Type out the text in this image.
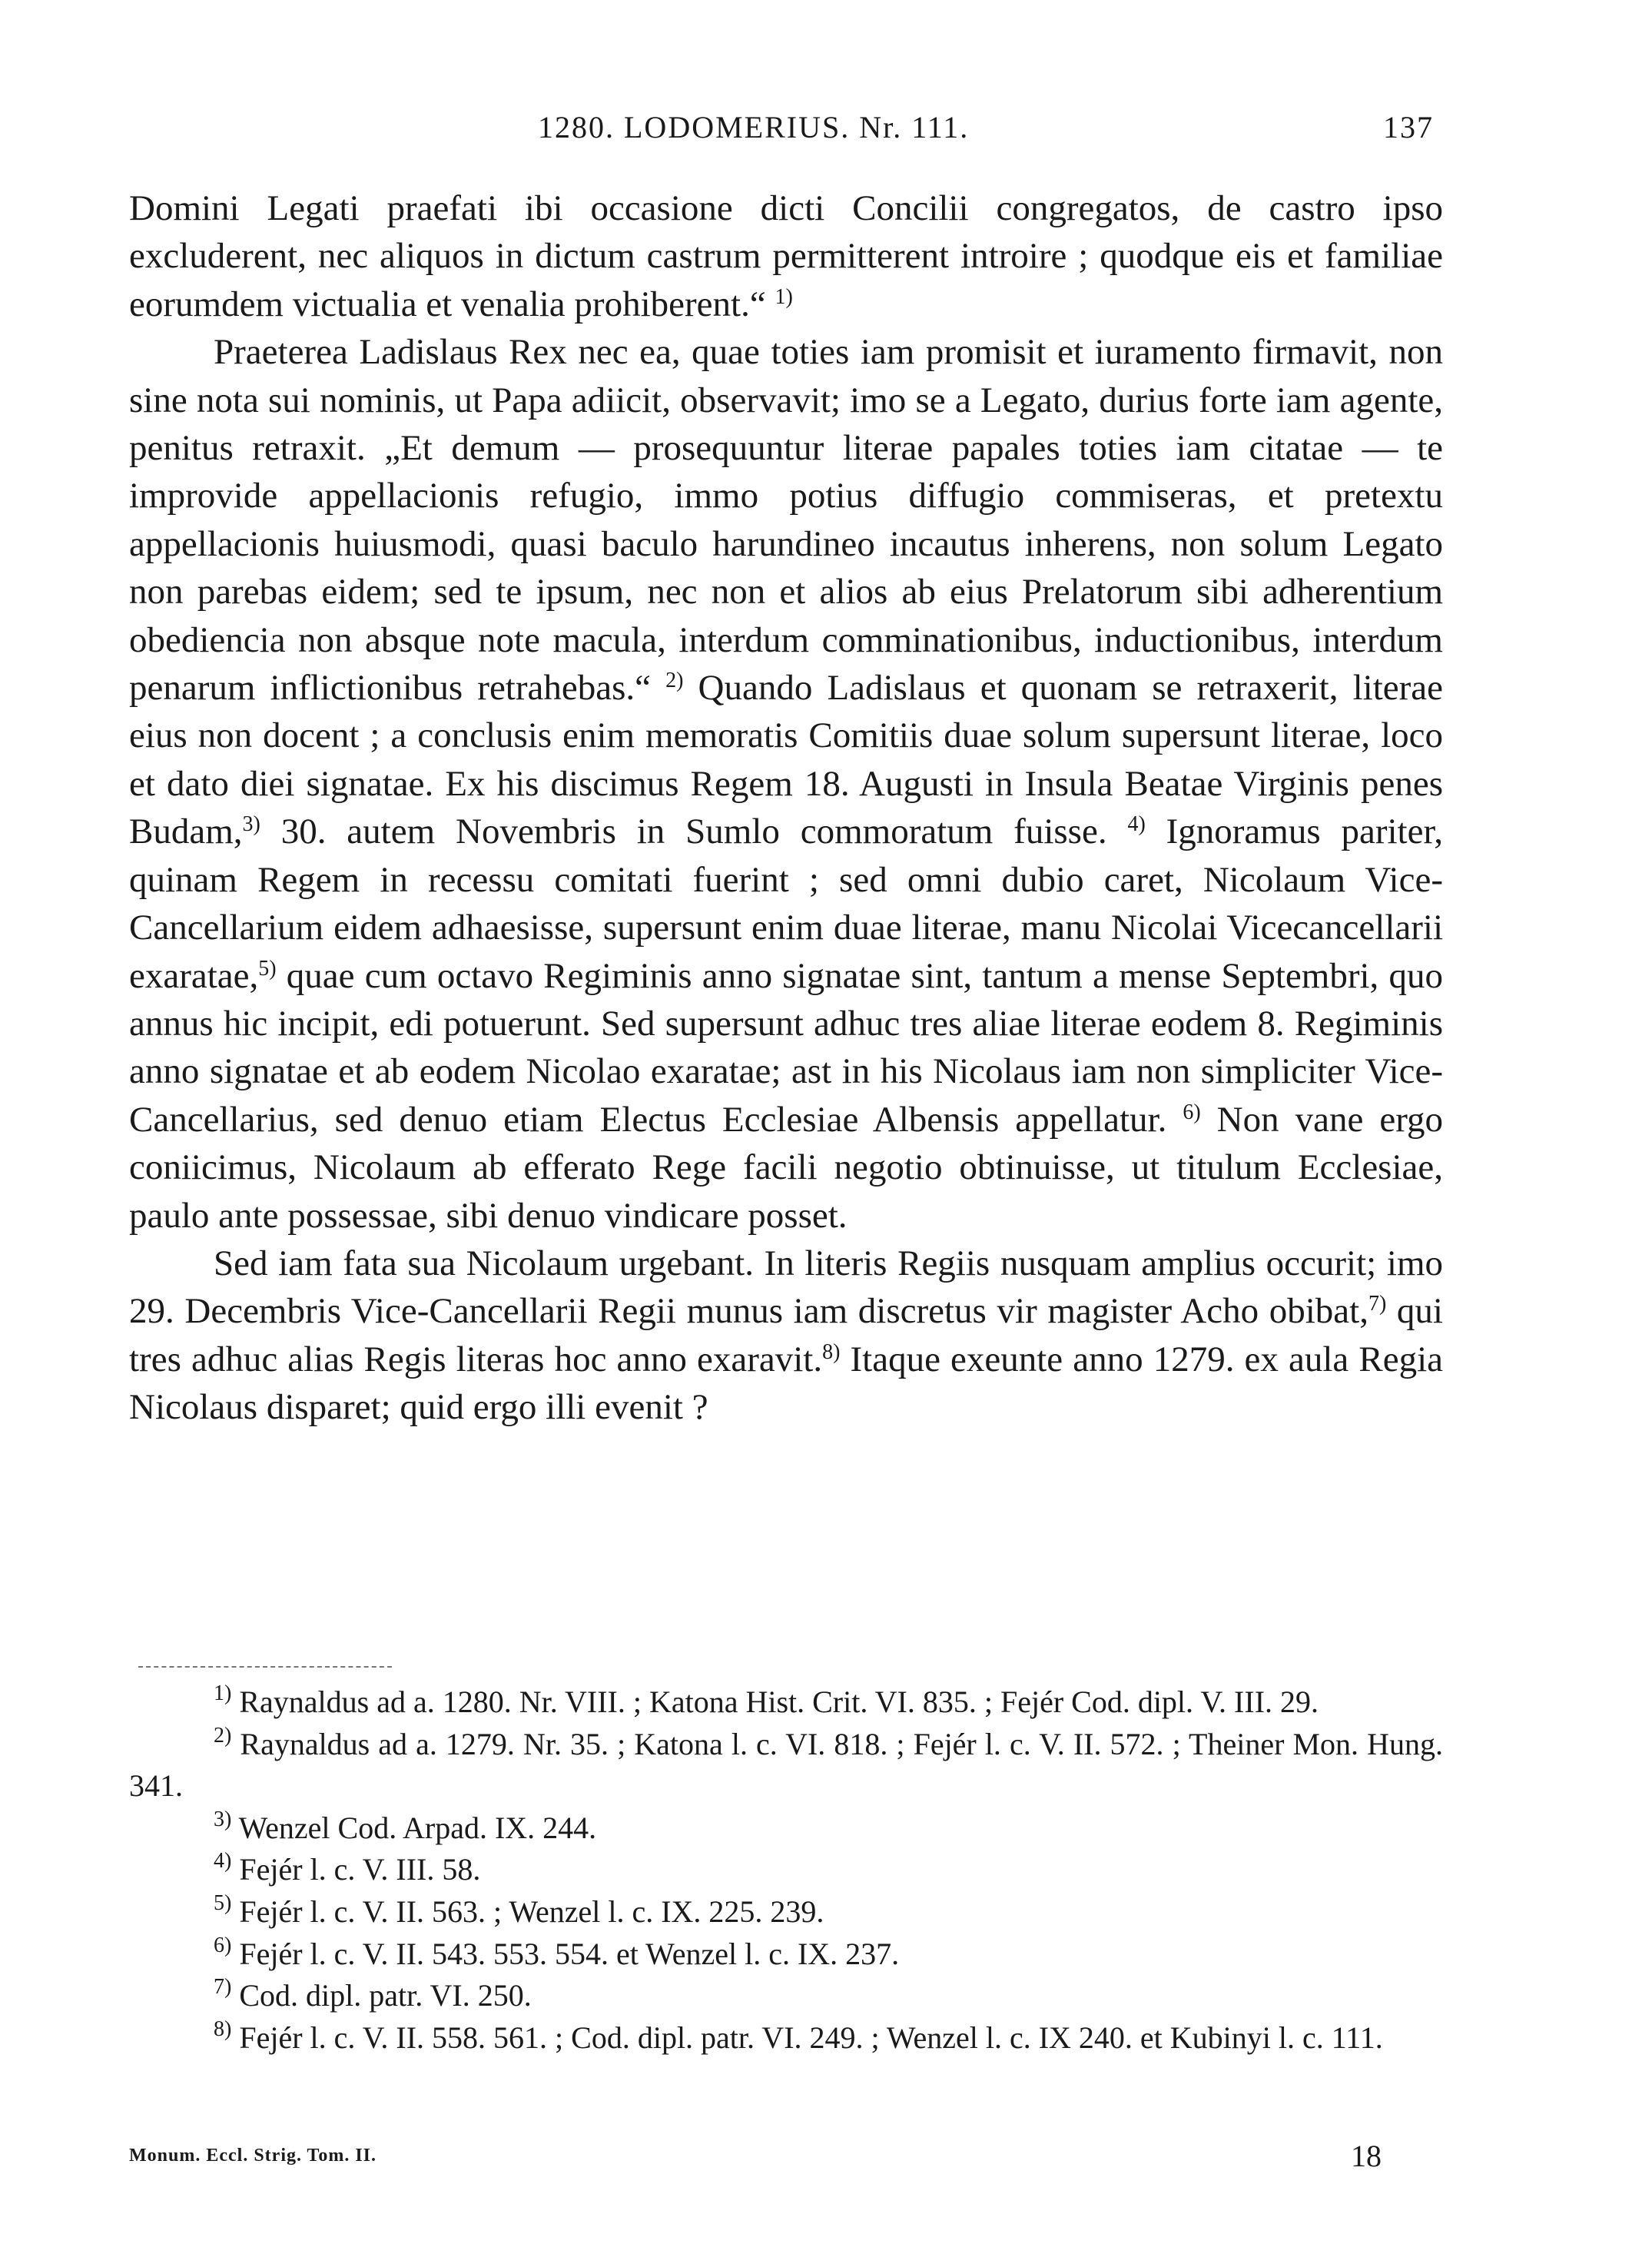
1280. LODOMERIUS. Nr. 111.	137

Domini Legati praefati ibi occasione dicti Concilii congregatos, de castro ipso excluderent, nec aliquos in dictum castrum permitterent introire ; quodque eis et familiae eorumdem victualia et venalia prohiberent.“ $^{1)}$

Praeterea Ladislaus Rex nec ea, quae toties iam promisit et iuramento firmavit, non sine nota sui nominis, ut Papa adiicit, observavit; imo se a Legato, durius forte iam agente, penitus retraxit. „Et demum — prosequuntur literae papales toties iam citatae — te improvide appellacionis refugio, immo potius diffugio commiseras, et pretextu appellacionis huiusmodi, quasi baculo harundineo incautus inherens, non solum Legato non parebas eidem; sed te ipsum, nec non et alios ab eius Prelatorum sibi adherentium obediencia non absque note macula, interdum comminationibus, inductionibus, interdum penarum inflictionibus retrahebas.“ $^{2)}$ Quando Ladislaus et quonam se retraxerit, literae eius non docent ; a conclusis enim memoratis Comitiis duae solum supersunt literae, loco et dato diei signatae. Ex his discimus Regem 18. Augusti in Insula Beatae Virginis penes Budam,$^{3)}$ 30. autem Novembris in Sumlo commoratum fuisse. $^{4)}$ Ignoramus pariter, quinam Regem in recessu comitati fuerint ; sed omni dubio caret, Nicolaum Vice-Cancellarium eidem adhaesisse, supersunt enim duae literae, manu Nicolai Vicecancellarii exaratae,$^{5)}$ quae cum octavo Regiminis anno signatae sint, tantum a mense Septembri, quo annus hic incipit, edi potuerunt. Sed supersunt adhuc tres aliae literae eodem 8. Regiminis anno signatae et ab eodem Nicolao exaratae; ast in his Nicolaus iam non simpliciter Vice-Cancellarius, sed denuo etiam Electus Ecclesiae Albensis appellatur. $^{6)}$ Non vane ergo coniicimus, Nicolaum ab efferato Rege facili negotio obtinuisse, ut titulum Ecclesiae, paulo ante possessae, sibi denuo vindicare posset.

Sed iam fata sua Nicolaum urgebant. In literis Regiis nusquam amplius occurit; imo 29. Decembris Vice-Cancellarii Regii munus iam discretus vir magister Acho obibat,$^{7)}$ qui tres adhuc alias Regis literas hoc anno exaravit.$^{8)}$ Itaque exeunte anno 1279. ex aula Regia Nicolaus disparet; quid ergo illi evenit ?

$^{1)}$ Raynaldus ad a. 1280. Nr. VIII. ; Katona Hist. Crit. VI. 835. ; Fejér Cod. dipl. V. III. 29.

$^{2)}$ Raynaldus ad a. 1279. Nr. 35. ; Katona l. c. VI. 818. ; Fejér l. c. V. II. 572. ; Theiner Mon. Hung. 341.

$^{3)}$ Wenzel Cod. Arpad. IX. 244.

$^{4)}$ Fejér l. c. V. III. 58.

$^{5)}$ Fejér l. c. V. II. 563. ; Wenzel l. c. IX. 225. 239.

$^{6)}$ Fejér l. c. V. II. 543. 553. 554. et Wenzel l. c. IX. 237.

$^{7)}$ Cod. dipl. patr. VI. 250.

$^{8)}$ Fejér l. c. V. II. 558. 561. ; Cod. dipl. patr. VI. 249. ; Wenzel l. c. IX 240. et Kubinyi l. c. 111.

Monum. Eccl. Strig. Tom. II.	18
